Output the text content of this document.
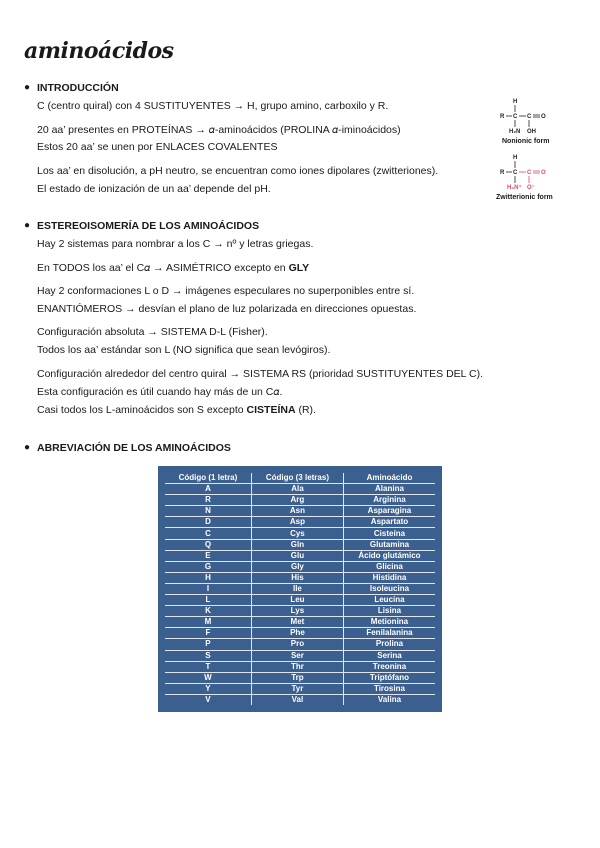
aminoácidos
● INTRODUCCIÓN
C (centro quiral) con 4 SUSTITUYENTES → H, grupo amino, carboxilo y R.
20 aa’ presentes en PROTEÍNAS → 𝛼-aminoácidos (PROLINA 𝛼-iminoácidos)
Estos 20 aa’ se unen por ENLACES COVALENTES
Los aa’ en disolución, a pH neutro, se encuentran como iones dipolares (zwitteriones).
El estado de ionización de un aa’ depende del pH.
H
R C C O
H₂N OH
Nonionic form
H
R C C O
H₃N⁺ O⁻
Zwitterionic form
● ESTEREOISOMERÍA DE LOS AMINOÁCIDOS
Hay 2 sistemas para nombrar a los C → nº y letras griegas.
En TODOS los aa’ el C𝛼 → ASIMÉTRICO excepto en GLY
Hay 2 conformaciones L o D → imágenes especulares no superponibles entre sí.
ENANTIÓMEROS → desvían el plano de luz polarizada en direcciones opuestas.
Configuración absoluta → SISTEMA D-L (Fisher).
Todos los aa’ estándar son L (NO significa que sean levógiros).
Configuración alrededor del centro quiral → SISTEMA RS (prioridad SUSTITUYENTES DEL C).
Esta configuración es útil cuando hay más de un C𝛼.
Casi todos los L-aminoácidos son S excepto CISTEÍNA (R).
● ABREVIACIÓN DE LOS AMINOÁCIDOS
Código (1 letra)	Código (3 letras)	Aminoácido
A	Ala	Alanina
R	Arg	Arginina
N	Asn	Asparagina
D	Asp	Aspartato
C	Cys	Cisteína
Q	Gln	Glutamina
E	Glu	Ácido glutámico
G	Gly	Glicina
H	His	Histidina
I	Ile	Isoleucina
L	Leu	Leucina
K	Lys	Lisina
M	Met	Metionina
F	Phe	Fenilalanina
P	Pro	Prolina
S	Ser	Serina
T	Thr	Treonina
W	Trp	Triptófano
Y	Tyr	Tirosina
V	Val	Valina
